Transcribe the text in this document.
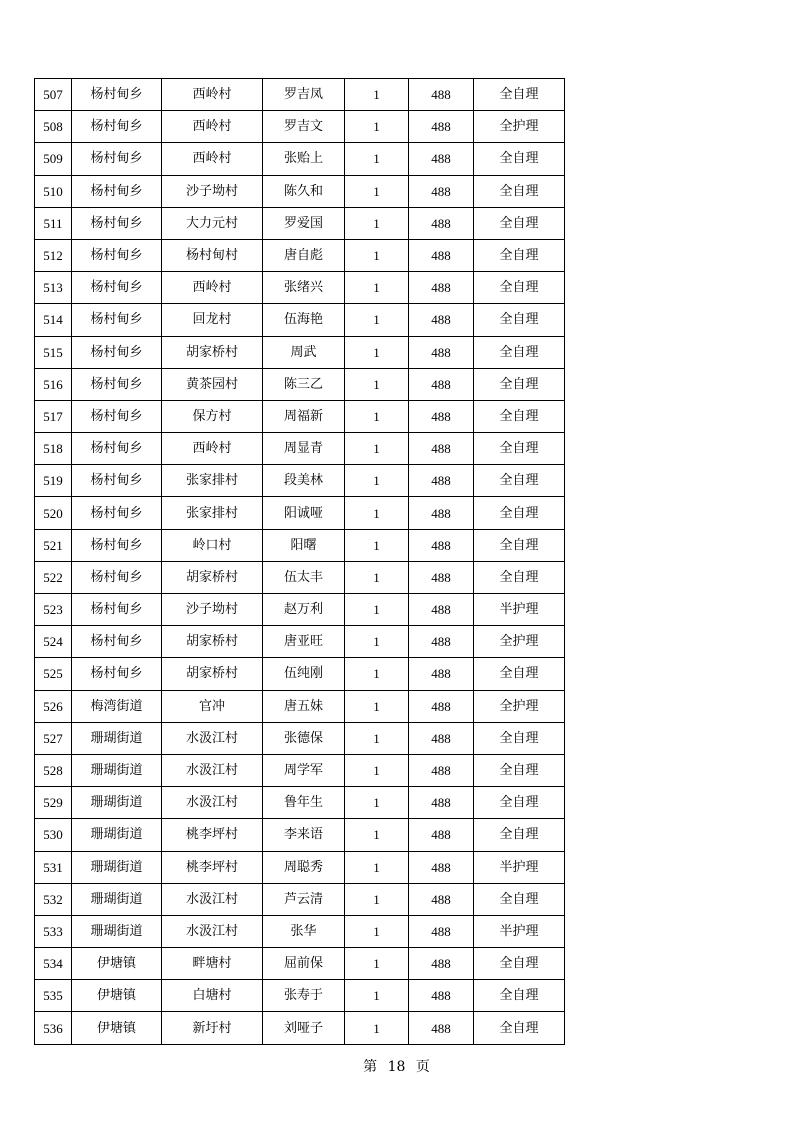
507	杨村甸乡	西岭村	罗吉凤	1	488	全自理
508	杨村甸乡	西岭村	罗吉文	1	488	全护理
509	杨村甸乡	西岭村	张贻上	1	488	全自理
510	杨村甸乡	沙子坳村	陈久和	1	488	全自理
511	杨村甸乡	大力元村	罗爱国	1	488	全自理
512	杨村甸乡	杨村甸村	唐自彪	1	488	全自理
513	杨村甸乡	西岭村	张绪兴	1	488	全自理
514	杨村甸乡	回龙村	伍海艳	1	488	全自理
515	杨村甸乡	胡家桥村	周武	1	488	全自理
516	杨村甸乡	黄茶园村	陈三乙	1	488	全自理
517	杨村甸乡	保方村	周福新	1	488	全自理
518	杨村甸乡	西岭村	周显青	1	488	全自理
519	杨村甸乡	张家排村	段美林	1	488	全自理
520	杨村甸乡	张家排村	阳诚哑	1	488	全自理
521	杨村甸乡	岭口村	阳曙	1	488	全自理
522	杨村甸乡	胡家桥村	伍太丰	1	488	全自理
523	杨村甸乡	沙子坳村	赵万利	1	488	半护理
524	杨村甸乡	胡家桥村	唐亚旺	1	488	全护理
525	杨村甸乡	胡家桥村	伍纯刚	1	488	全自理
526	梅湾街道	官冲	唐五妹	1	488	全护理
527	珊瑚街道	水汲江村	张德保	1	488	全自理
528	珊瑚街道	水汲江村	周学军	1	488	全自理
529	珊瑚街道	水汲江村	鲁年生	1	488	全自理
530	珊瑚街道	桃李坪村	李来语	1	488	全自理
531	珊瑚街道	桃李坪村	周聪秀	1	488	半护理
532	珊瑚街道	水汲江村	芦云清	1	488	全自理
533	珊瑚街道	水汲江村	张华	1	488	半护理
534	伊塘镇	畔塘村	屈前保	1	488	全自理
535	伊塘镇	白塘村	张寿于	1	488	全自理
536	伊塘镇	新圩村	刘哑子	1	488	全自理
第 18 页
